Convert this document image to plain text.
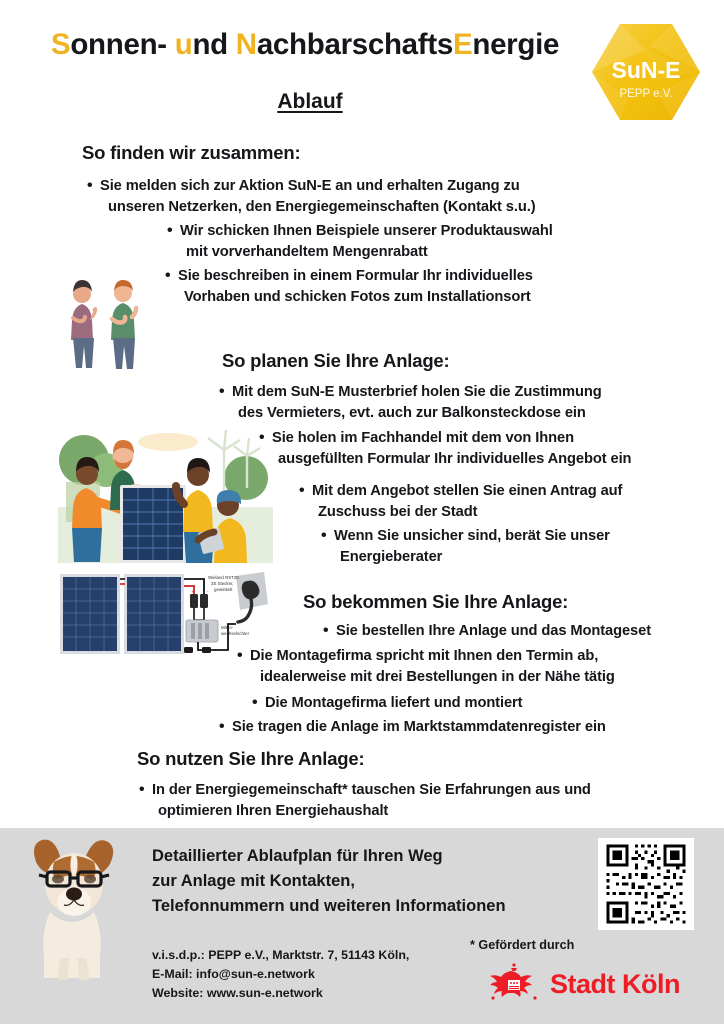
Sonnen- und NachbarschaftsEnergie
Ablauf
SuN-E
PEPP e.V.
So finden wir zusammen:
• Sie melden sich zur Aktion SuN-E an und erhalten Zugang zu
unseren Netzerken, den Energiegemeinschaften (Kontakt s.u.)
• Wir schicken Ihnen Beispiele unserer Produktauswahl
mit vorverhandeltem Mengenrabatt
• Sie beschreiben in einem Formular Ihr individuelles
Vorhaben und schicken Fotos zum Installationsort
So planen Sie Ihre Anlage:
• Mit dem SuN-E Musterbrief holen Sie die Zustimmung
des Vermieters, evt. auch zur Balkonsteckdose ein
• Sie holen im Fachhandel mit dem von Ihnen
ausgefüllten Formular Ihr individuelles Angebot ein
• Mit dem Angebot stellen Sie einen Antrag auf
Zuschuss bei der Stadt
• Wenn Sie unsicher sind, berät Sie unser
Energieberater
So bekommen Sie Ihre Anlage:
• Sie bestellen Ihre Anlage und das Montageset
• Die Montagefirma spricht mit Ihnen den Termin ab,
idealerweise mit drei Bestellungen in der Nähe tätig
• Die Montagefirma liefert und montiert
• Sie tragen die Anlage im Marktstammdatenregister ein
+	-
Mikro-
wechselrichter
Wieland RST20
3S Stecker,
gewinkelt
So nutzen Sie Ihre Anlage:
• In der Energiegemeinschaft* tauschen Sie Erfahrungen aus und
optimieren Ihren Energiehaushalt
Detaillierter Ablaufplan für Ihren Weg
zur Anlage mit Kontakten,
Telefonnummern und weiteren Informationen
v.i.s.d.p.: PEPP e.V., Marktstr. 7, 51143 Köln,
E-Mail: info@sun-e.network
Website: www.sun-e.network
* Gefördert durch
Stadt Köln
